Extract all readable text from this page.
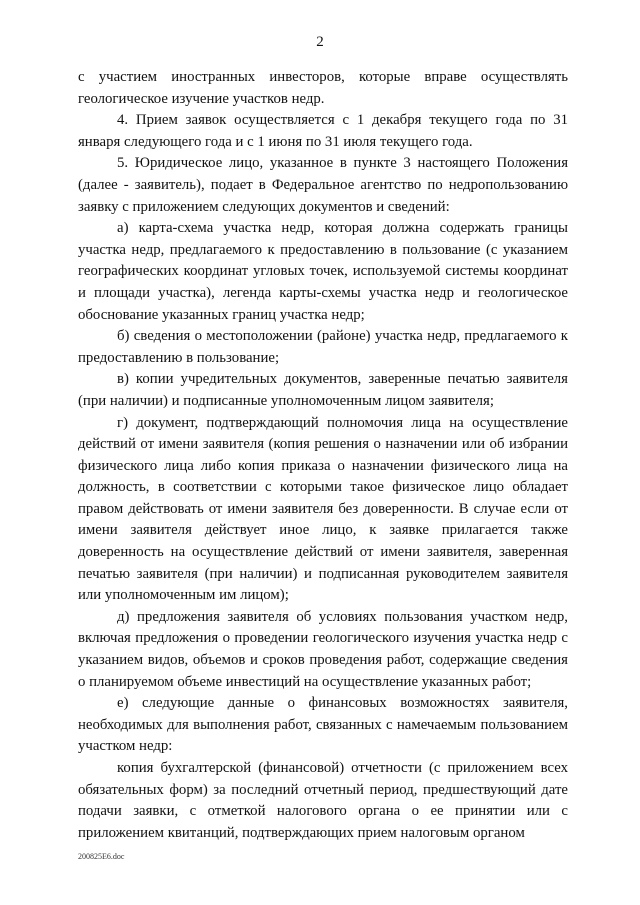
2

с участием иностранных инвесторов, которые вправе осуществлять геологическое изучение участков недр.

4. Прием заявок осуществляется с 1 декабря текущего года по 31 января следующего года и с 1 июня по 31 июля текущего года.

5. Юридическое лицо, указанное в пункте 3 настоящего Положения (далее - заявитель), подает в Федеральное агентство по недропользованию заявку с приложением следующих документов и сведений:

а) карта-схема участка недр, которая должна содержать границы участка недр, предлагаемого к предоставлению в пользование (с указанием географических координат угловых точек, используемой системы координат и площади участка), легенда карты-схемы участка недр и геологическое обоснование указанных границ участка недр;

б) сведения о местоположении (районе) участка недр, предлагаемого к предоставлению в пользование;

в) копии учредительных документов, заверенные печатью заявителя (при наличии) и подписанные уполномоченным лицом заявителя;

г) документ, подтверждающий полномочия лица на осуществление действий от имени заявителя (копия решения о назначении или об избрании физического лица либо копия приказа о назначении физического лица на должность, в соответствии с которыми такое физическое лицо обладает правом действовать от имени заявителя без доверенности. В случае если от имени заявителя действует иное лицо, к заявке прилагается также доверенность на осуществление действий от имени заявителя, заверенная печатью заявителя (при наличии) и подписанная руководителем заявителя или уполномоченным им лицом);

д) предложения заявителя об условиях пользования участком недр, включая предложения о проведении геологического изучения участка недр с указанием видов, объемов и сроков проведения работ, содержащие сведения о планируемом объеме инвестиций на осуществление указанных работ;

е) следующие данные о финансовых возможностях заявителя, необходимых для выполнения работ, связанных с намечаемым пользованием участком недр:

копия бухгалтерской (финансовой) отчетности (с приложением всех обязательных форм) за последний отчетный период, предшествующий дате подачи заявки, с отметкой налогового органа о ее принятии или с приложением квитанций, подтверждающих прием налоговым органом

200825E6.doc
